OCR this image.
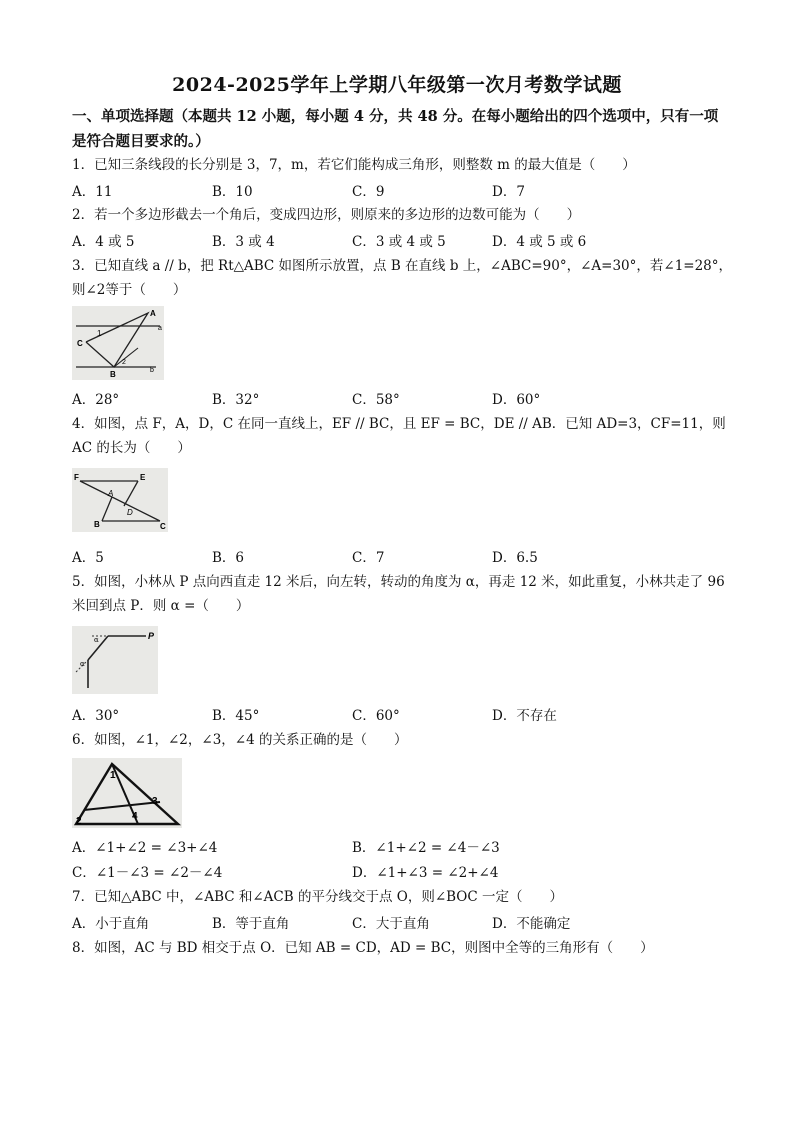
2024-2025学年上学期八年级第一次月考数学试题
一、单项选择题（本题共 12 小题，每小题 4 分，共 48 分。在每小题给出的四个选项中，只有一项是符合题目要求的。）
1．已知三条线段的长分别是 3，7，m，若它们能构成三角形，则整数 m 的最大值是（　　）
A．11	B．10	C．9	D．7
2．若一个多边形截去一个角后，变成四边形，则原来的多边形的边数可能为（　　）
A．4 或 5	B．3 或 4	C．3 或 4 或 5	D．4 或 5 或 6
3．已知直线 a // b，把 Rt△ABC 如图所示放置，点 B 在直线 b 上，∠ABC=90°，∠A=30°，若∠1=28°，则∠2等于（　　）
A
a
1
C
2
B	b
A．28°	B．32°	C．58°	D．60°
4．如图，点 F，A，D，C 在同一直线上，EF // BC，且 EF = BC，DE // AB．已知 AD=3，CF=11，则 AC 的长为（　　）
F	E
A
D
B	C
A．5	B．6	C．7	D．6.5
5．如图，小林从 P 点向西直走 12 米后，向左转，转动的角度为 α，再走 12 米，如此重复，小林共走了 96 米回到点 P．则 α =（　　）
P
α
α
A．30°	B．45°	C．60°	D．不存在
6．如图，∠1，∠2，∠3，∠4 的关系正确的是（　　）
1
2
3
4
A．∠1+∠2 = ∠3+∠4	B．∠1+∠2 = ∠4－∠3
C．∠1－∠3 = ∠2－∠4	D．∠1+∠3 = ∠2+∠4
7．已知△ABC 中，∠ABC 和∠ACB 的平分线交于点 O，则∠BOC 一定（　　）
A．小于直角	B．等于直角	C．大于直角	D．不能确定
8．如图，AC 与 BD 相交于点 O．已知 AB = CD，AD = BC，则图中全等的三角形有（　　）
